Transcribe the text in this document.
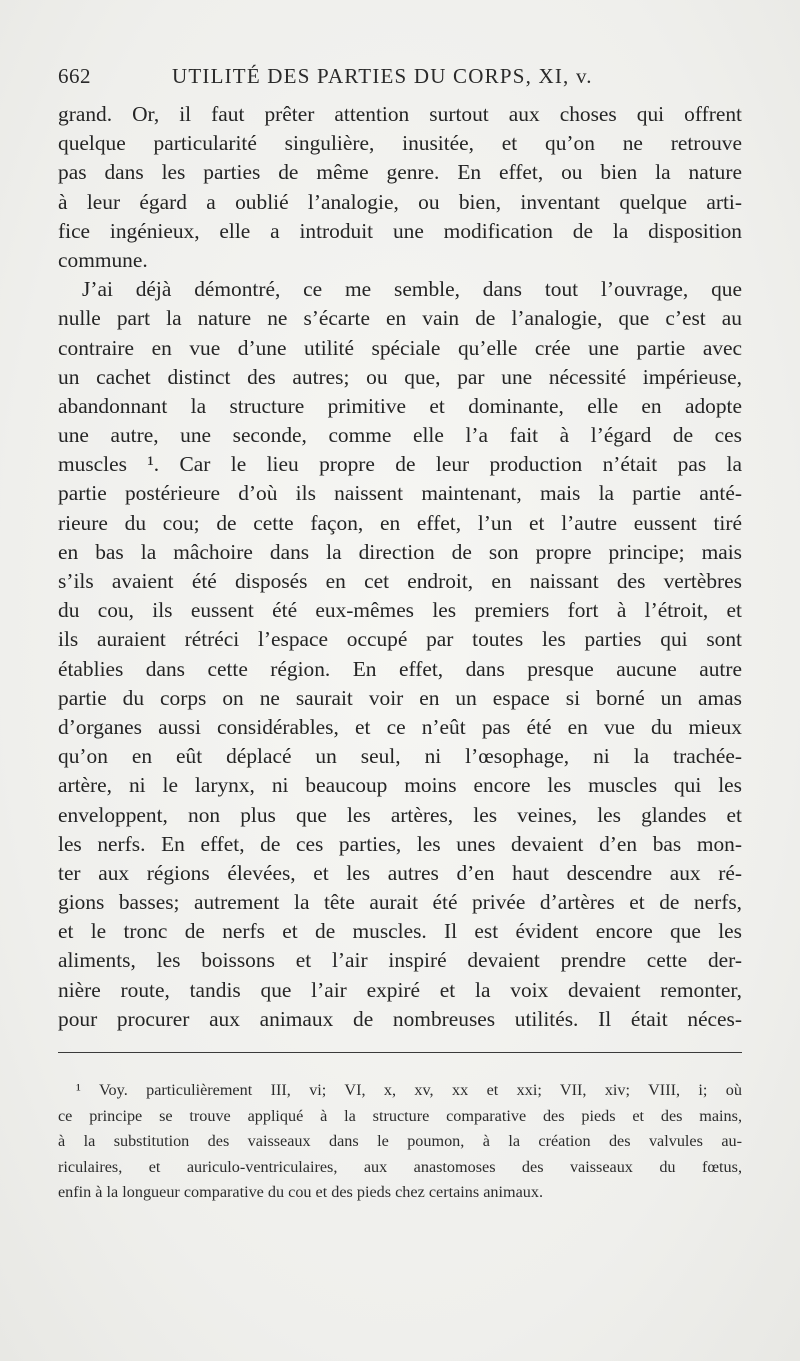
662	UTILITÉ DES PARTIES DU CORPS, XI, v.
grand. Or, il faut prêter attention surtout aux choses qui offrent
quelque particularité singulière, inusitée, et qu’on ne retrouve
pas dans les parties de même genre. En effet, ou bien la nature
à leur égard a oublié l’analogie, ou bien, inventant quelque arti-
fice ingénieux, elle a introduit une modification de la disposition
commune.
J’ai déjà démontré, ce me semble, dans tout l’ouvrage, que
nulle part la nature ne s’écarte en vain de l’analogie, que c’est au
contraire en vue d’une utilité spéciale qu’elle crée une partie avec
un cachet distinct des autres; ou que, par une nécessité impérieuse,
abandonnant la structure primitive et dominante, elle en adopte
une autre, une seconde, comme elle l’a fait à l’égard de ces
muscles ¹. Car le lieu propre de leur production n’était pas la
partie postérieure d’où ils naissent maintenant, mais la partie anté-
rieure du cou; de cette façon, en effet, l’un et l’autre eussent tiré
en bas la mâchoire dans la direction de son propre principe; mais
s’ils avaient été disposés en cet endroit, en naissant des vertèbres
du cou, ils eussent été eux-mêmes les premiers fort à l’étroit, et
ils auraient rétréci l’espace occupé par toutes les parties qui sont
établies dans cette région. En effet, dans presque aucune autre
partie du corps on ne saurait voir en un espace si borné un amas
d’organes aussi considérables, et ce n’eût pas été en vue du mieux
qu’on en eût déplacé un seul, ni l’œsophage, ni la trachée-
artère, ni le larynx, ni beaucoup moins encore les muscles qui les
enveloppent, non plus que les artères, les veines, les glandes et
les nerfs. En effet, de ces parties, les unes devaient d’en bas mon-
ter aux régions élevées, et les autres d’en haut descendre aux ré-
gions basses; autrement la tête aurait été privée d’artères et de nerfs,
et le tronc de nerfs et de muscles. Il est évident encore que les
aliments, les boissons et l’air inspiré devaient prendre cette der-
nière route, tandis que l’air expiré et la voix devaient remonter,
pour procurer aux animaux de nombreuses utilités. Il était néces-
¹ Voy. particulièrement III, vi; VI, x, xv, xx et xxi; VII, xiv; VIII, i; où
ce principe se trouve appliqué à la structure comparative des pieds et des mains,
à la substitution des vaisseaux dans le poumon, à la création des valvules au-
riculaires, et auriculo-ventriculaires, aux anastomoses des vaisseaux du fœtus,
enfin à la longueur comparative du cou et des pieds chez certains animaux.
